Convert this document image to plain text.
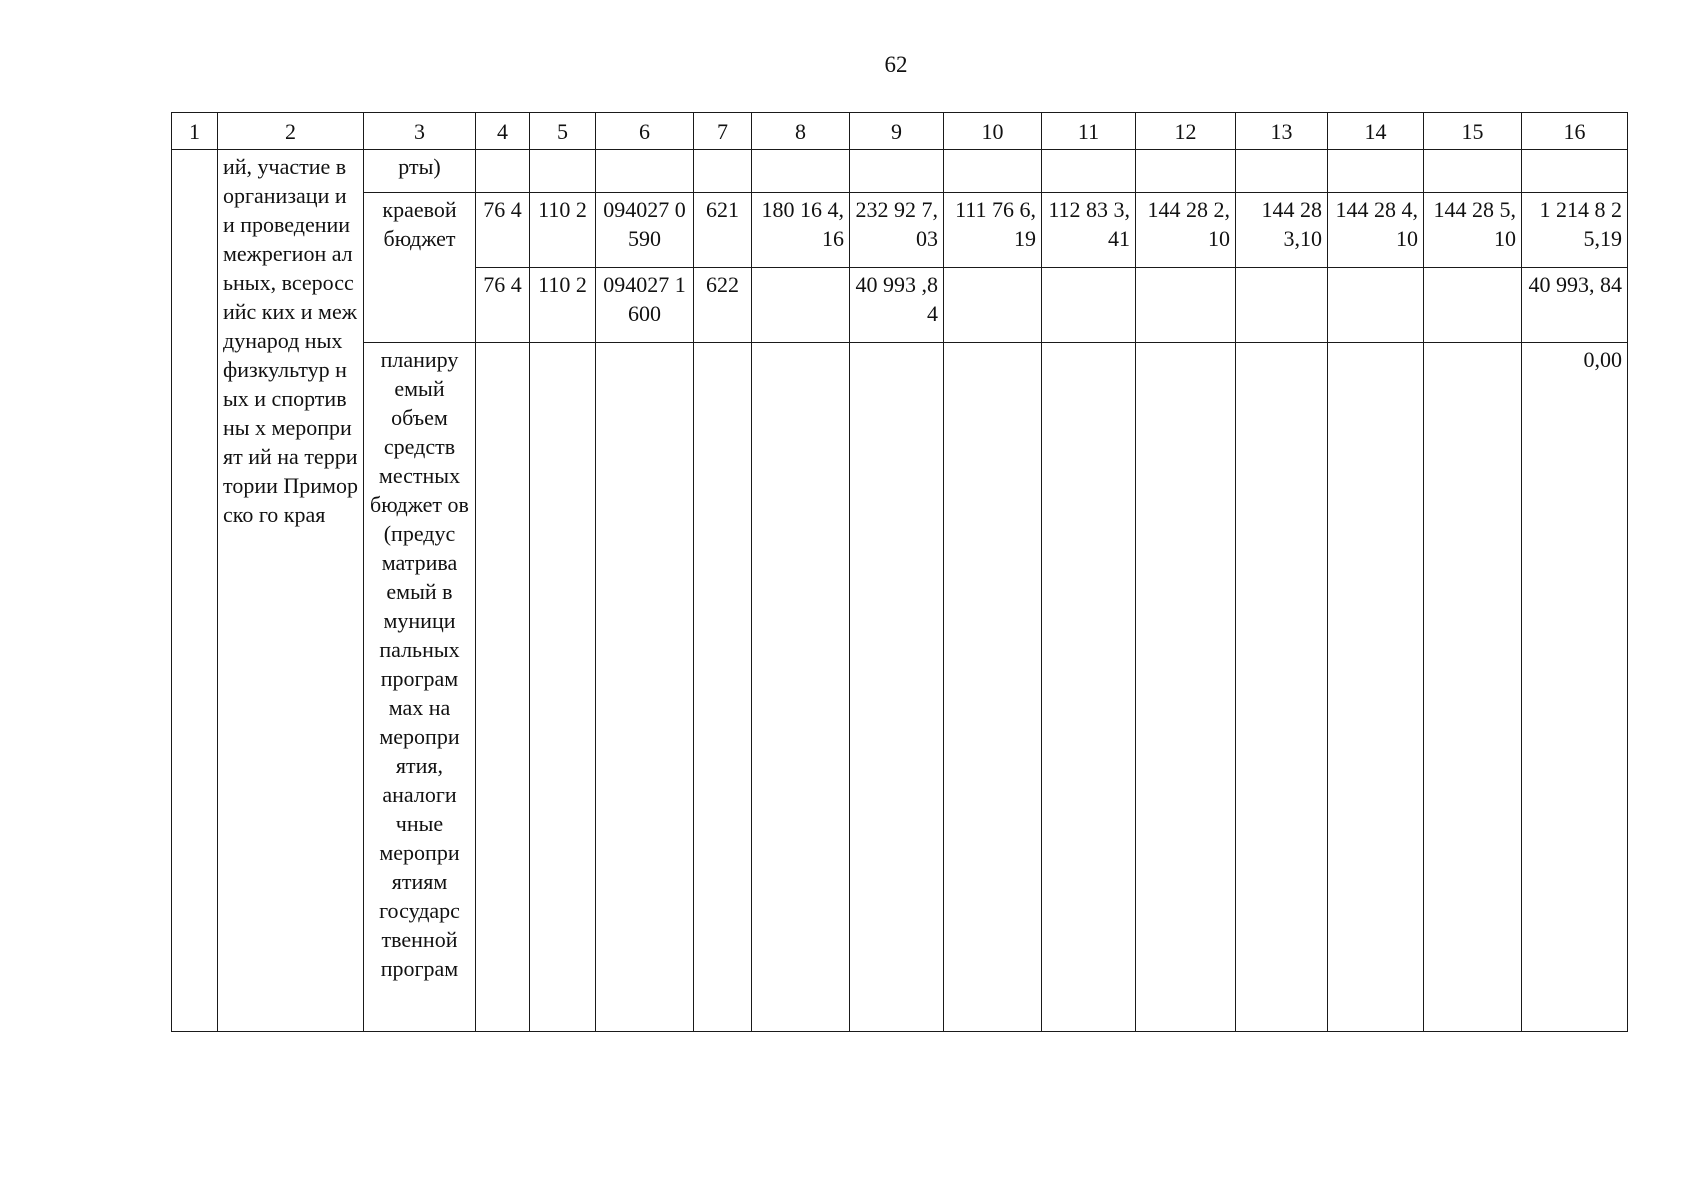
62
1	2	3	4	5	6	7	8	9	10	11	12	13	14	15	16
	ий, участие в организаци и и проведении межрегион альных, всероссийс ких и международ ных физкультур ных и спортивны х мероприят ий на территории Приморско го края	рты)													
		краевой бюджет	76 4	110 2	094027 0590	621	180 16 4,16	232 92 7,03	111 76 6,19	112 83 3,41	144 28 2,10	144 28 3,10	144 28 4,10	144 28 5,10	1 214 8 25,19
			76 4	110 2	094027 1600	622		40 993 ,84							40 993, 84
		планиру емый объем средств местных бюджет ов (предус матрива емый в муници пальных програм мах на меропри ятия, аналоги чные меропри ятиям государс твенной програм													0,00
